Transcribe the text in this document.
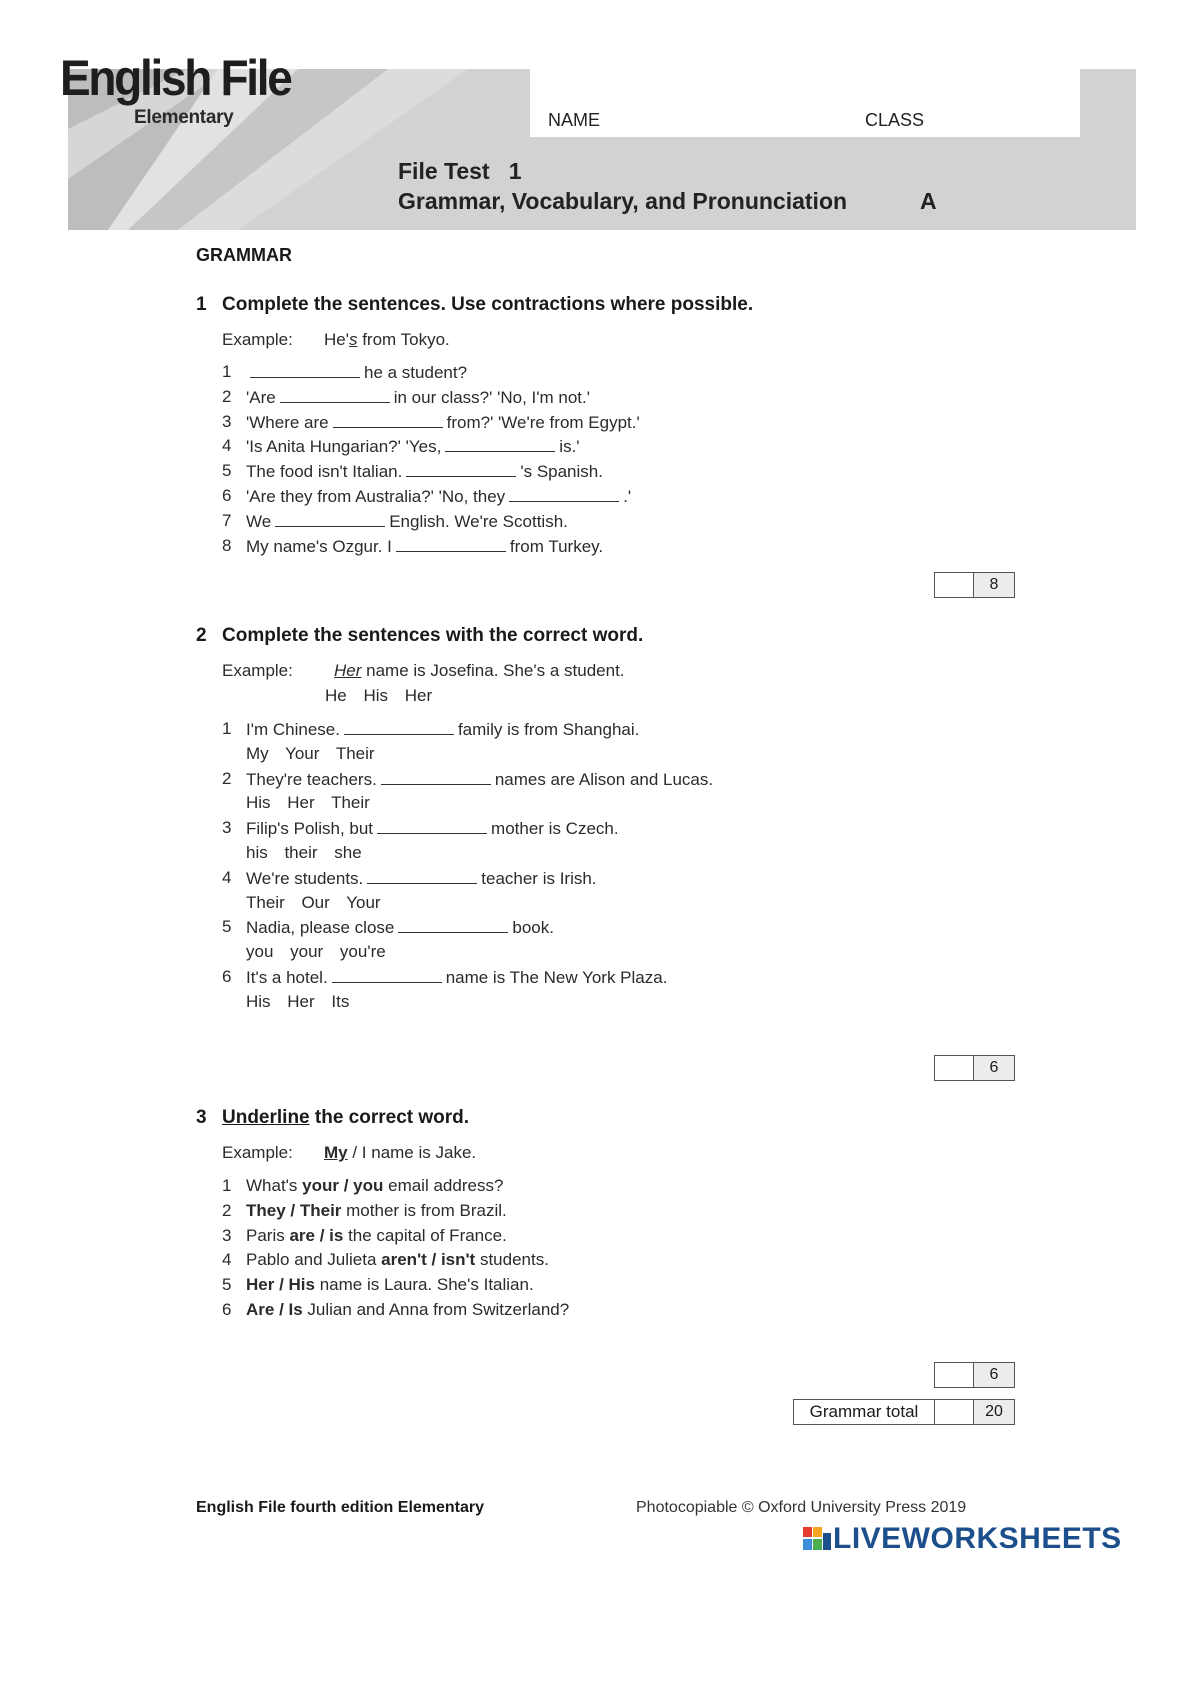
English File
Elementary	NAME	CLASS
File Test   1
Grammar, Vocabulary, and Pronunciation	A
GRAMMAR
1 Complete the sentences. Use contractions where possible.
Example: He's from Tokyo.
1	he a student?
2 'Are	in our class?' 'No, I'm not.'
3 'Where are	from?' 'We're from Egypt.'
4 'Is Anita Hungarian?' 'Yes,	is.'
5 The food isn't Italian.	's Spanish.
6 'Are they from Australia?' 'No, they	.'
7 We	English. We're Scottish.
8 My name's Ozgur. I	from Turkey.
8
2 Complete the sentences with the correct word.
Example: Her name is Josefina. She's a student.
He His Her
1 I'm Chinese.	family is from Shanghai.
My Your Their
2 They're teachers.	names are Alison and Lucas.
His Her Their
3 Filip's Polish, but	mother is Czech.
his their she
4 We're students.	teacher is Irish.
Their Our Your
5 Nadia, please close	book.
you your you're
6 It's a hotel.	name is The New York Plaza.
His Her Its
6
3 Underline the correct word.
Example: My / I name is Jake.
1 What's your / you email address?
2 They / Their mother is from Brazil.
3 Paris are / is the capital of France.
4 Pablo and Julieta aren't / isn't students.
5 Her / His name is Laura. She's Italian.
6 Are / Is Julian and Anna from Switzerland?
6
Grammar total	20
English File fourth edition Elementary	Photocopiable © Oxford University Press 2019
LIVEWORKSHEETS
